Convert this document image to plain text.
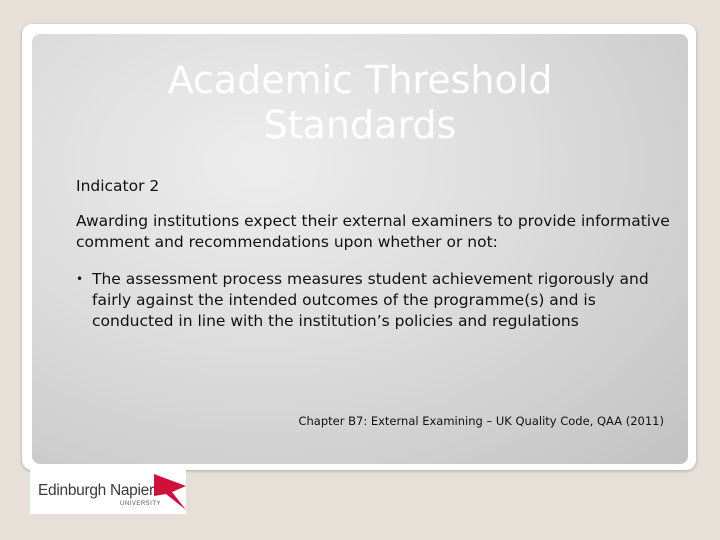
Academic Threshold
Standards

Indicator 2

Awarding institutions expect their external examiners to provide informative comment and recommendations upon whether or not:

• The assessment process measures student achievement rigorously and fairly against the intended outcomes of the programme(s) and is conducted in line with the institution’s policies and regulations
Chapter B7: External Examining – UK Quality Code, QAA (2011)
Edinburgh Napier
UNIVERSITY
